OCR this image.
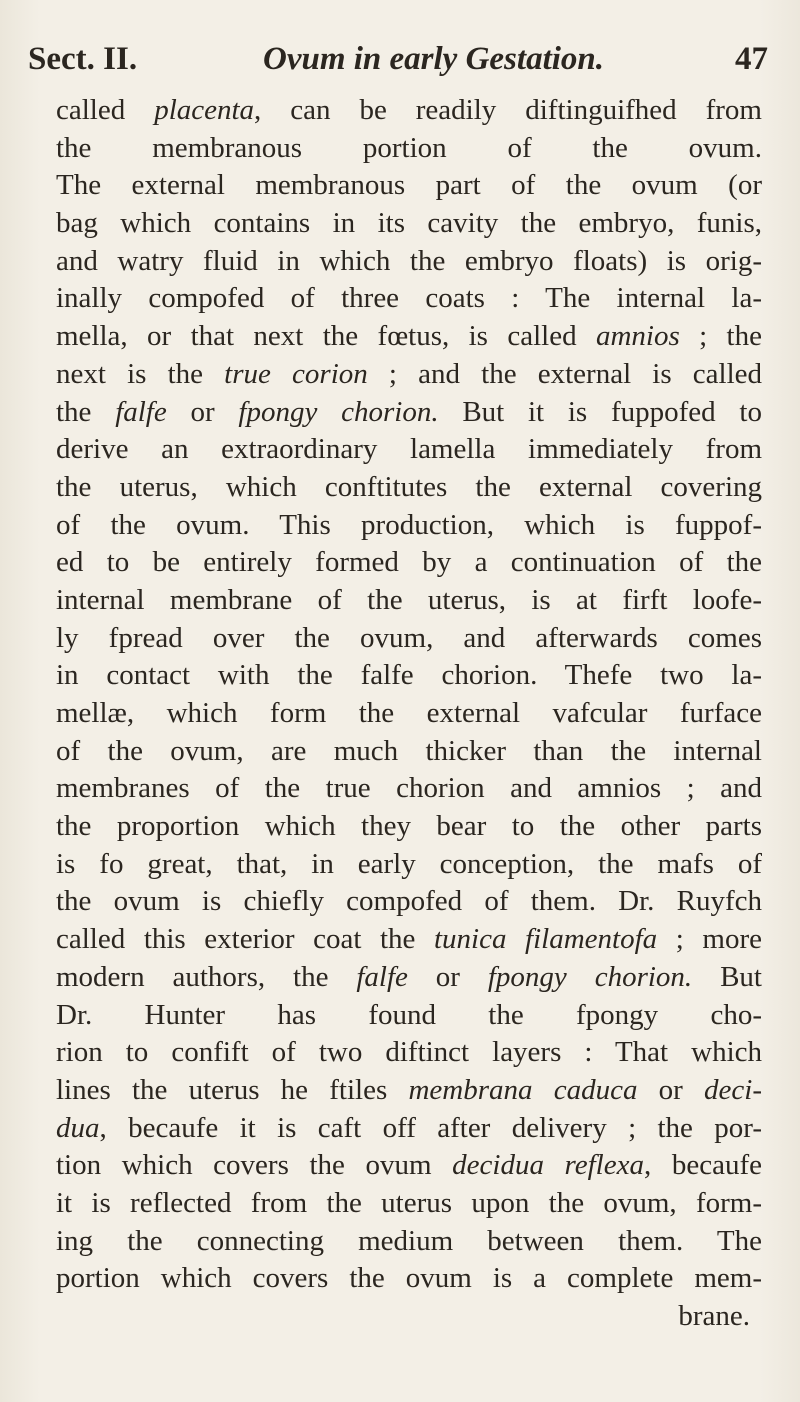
Sect. II.	Ovum in early Gestation.	47
called placenta, can be readily diftinguifhed from
the membranous portion of the ovum.
The external membranous part of the ovum (or
bag which contains in its cavity the embryo, funis,
and watry fluid in which the embryo floats) is orig-
inally compofed of three coats : The internal la-
mella, or that next the fœtus, is called amnios ; the
next is the true corion ; and the external is called
the falfe or fpongy chorion. But it is fuppofed to
derive an extraordinary lamella immediately from
the uterus, which conftitutes the external covering
of the ovum. This production, which is fuppof-
ed to be entirely formed by a continuation of the
internal membrane of the uterus, is at firft loofe-
ly fpread over the ovum, and afterwards comes
in contact with the falfe chorion. Thefe two la-
mellæ, which form the external vafcular furface
of the ovum, are much thicker than the internal
membranes of the true chorion and amnios ; and
the proportion which they bear to the other parts
is fo great, that, in early conception, the mafs of
the ovum is chiefly compofed of them. Dr. Ruyfch
called this exterior coat the tunica filamentofa ; more
modern authors, the falfe or fpongy chorion. But
Dr. Hunter has found the fpongy cho-
rion to confift of two diftinct layers : That which
lines the uterus he ftiles membrana caduca or deci-
dua, becaufe it is caft off after delivery ; the por-
tion which covers the ovum decidua reflexa, becaufe
it is reflected from the uterus upon the ovum, form-
ing the connecting medium between them. The
portion which covers the ovum is a complete mem-
brane.
